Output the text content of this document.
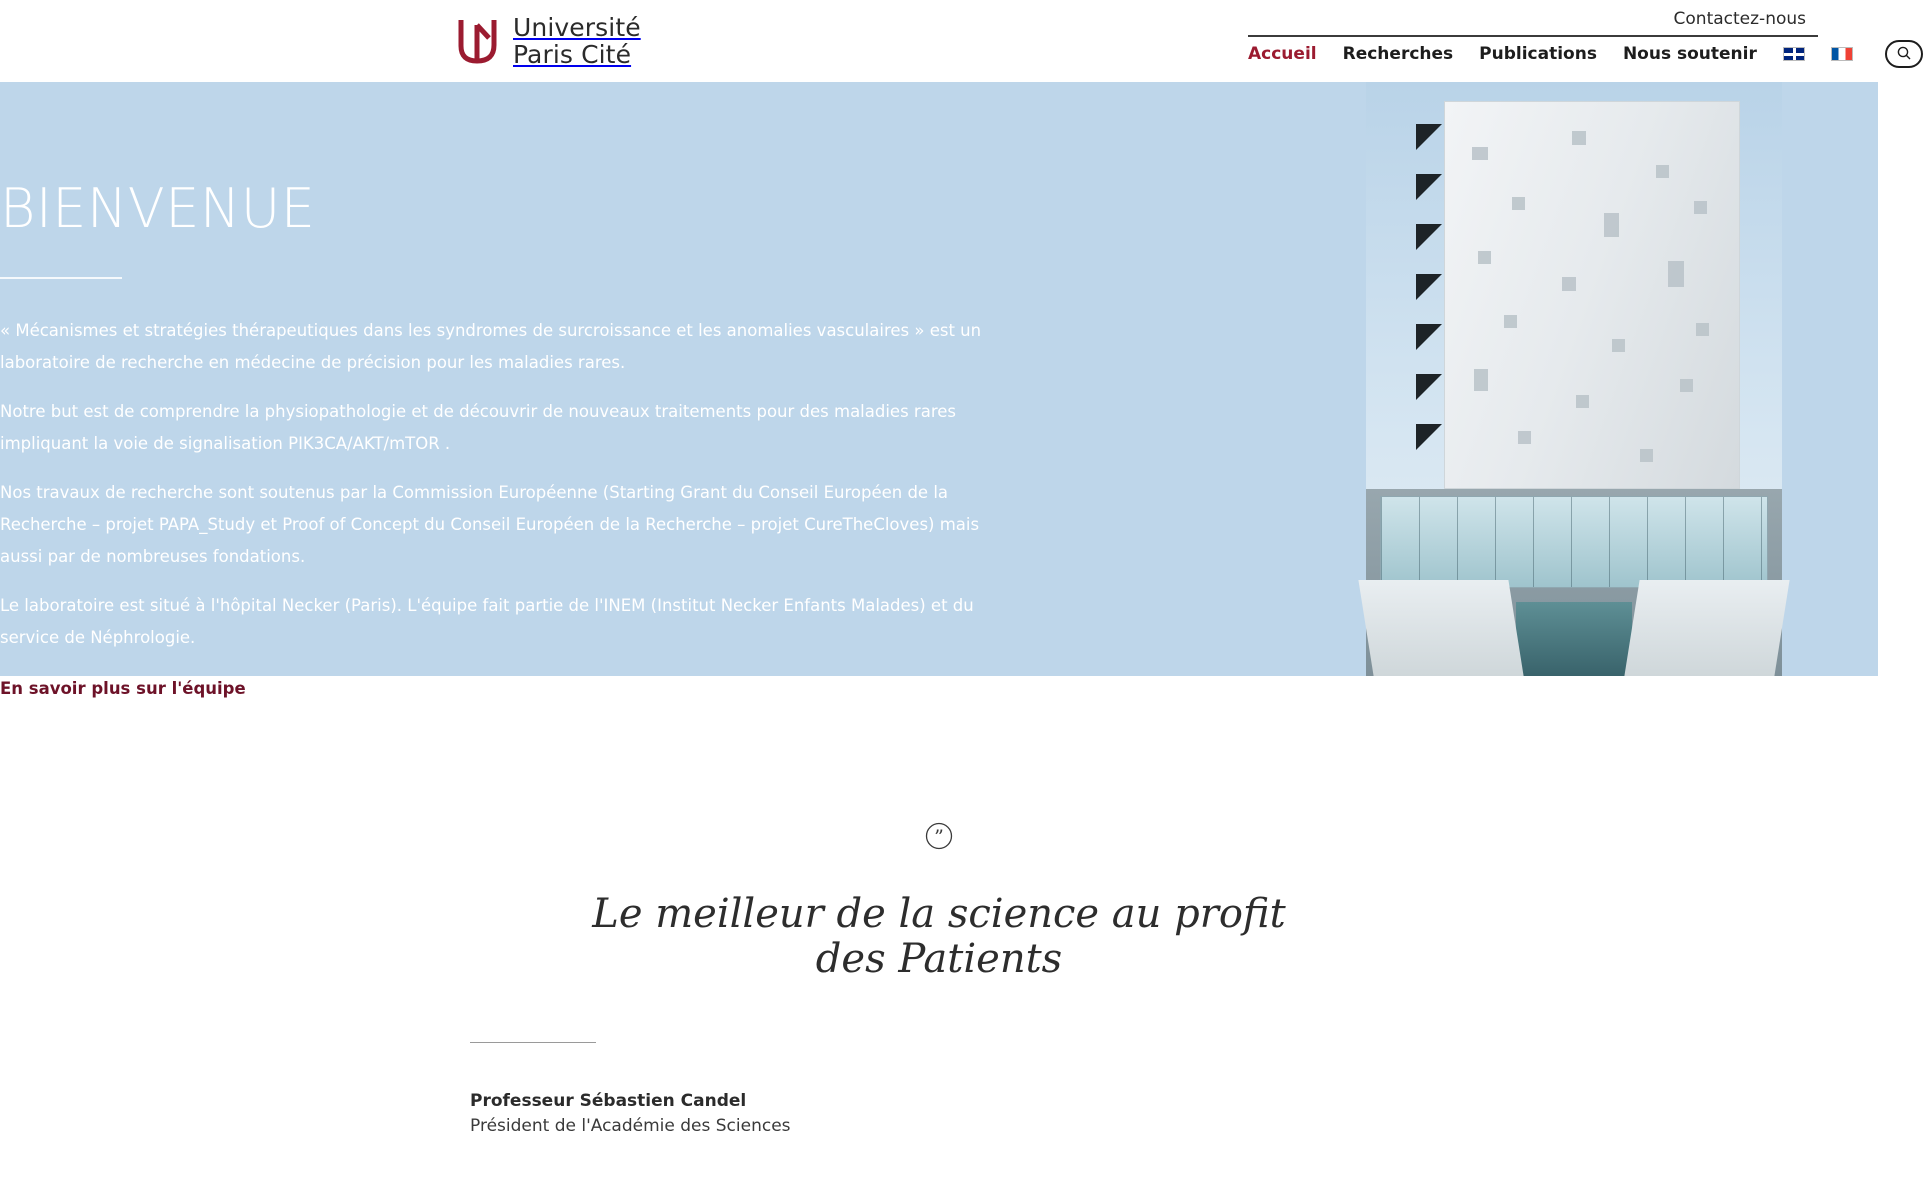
Université
Paris Cité
Contactez-nous
Accueil Recherches Publications Nous soutenir
BIENVENUE

« Mécanismes et stratégies thérapeutiques dans les syndromes de surcroissance et les anomalies vasculaires » est un laboratoire de recherche en médecine de précision pour les maladies rares.

Notre but est de comprendre la physiopathologie et de découvrir de nouveaux traitements pour des maladies rares impliquant la voie de signalisation PIK3CA/AKT/mTOR .

Nos travaux de recherche sont soutenus par la Commission Européenne (Starting Grant du Conseil Européen de la Recherche – projet PAPA_Study et Proof of Concept du Conseil Européen de la Recherche – projet CureTheCloves) mais aussi par de nombreuses fondations.

Le laboratoire est situé à l'hôpital Necker (Paris). L'équipe fait partie de l'INEM (Institut Necker Enfants Malades) et du service de Néphrologie.

En savoir plus sur l'équipe
”
Le meilleur de la science au profit des Patients
Professeur Sébastien Candel
Président de l'Académie des Sciences
